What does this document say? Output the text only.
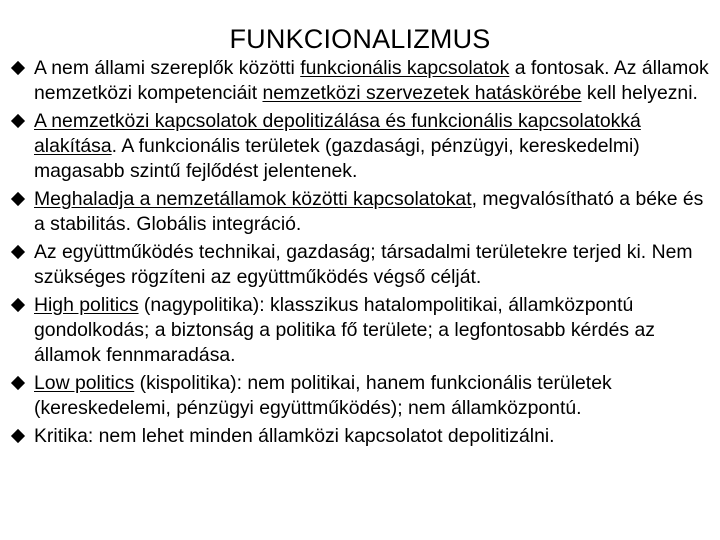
FUNKCIONALIZMUS
A nem állami szereplők közötti funkcionális kapcsolatok a fontosak. Az államok nemzetközi kompetenciáit nemzetközi szervezetek hatáskörébe kell helyezni.
A nemzetközi kapcsolatok depolitizálása és funkcionális kapcsolatokká alakítása. A funkcionális területek (gazdasági, pénzügyi, kereskedelmi) magasabb szintű fejlődést jelentenek.
Meghaladja a nemzetállamok közötti kapcsolatokat, megvalósítható a béke és a stabilitás. Globális integráció.
Az együttműködés technikai, gazdaság; társadalmi területekre terjed ki. Nem szükséges rögzíteni az együttműködés végső célját.
High politics (nagypolitika): klasszikus hatalompolitikai, államközpontú gondolkodás; a biztonság a politika fő területe; a legfontosabb kérdés az államok fennmaradása.
Low politics (kispolitika): nem politikai, hanem funkcionális területek (kereskedelemi, pénzügyi együttműködés); nem államközpontú.
Kritika: nem lehet minden államközi kapcsolatot depolitizálni.
